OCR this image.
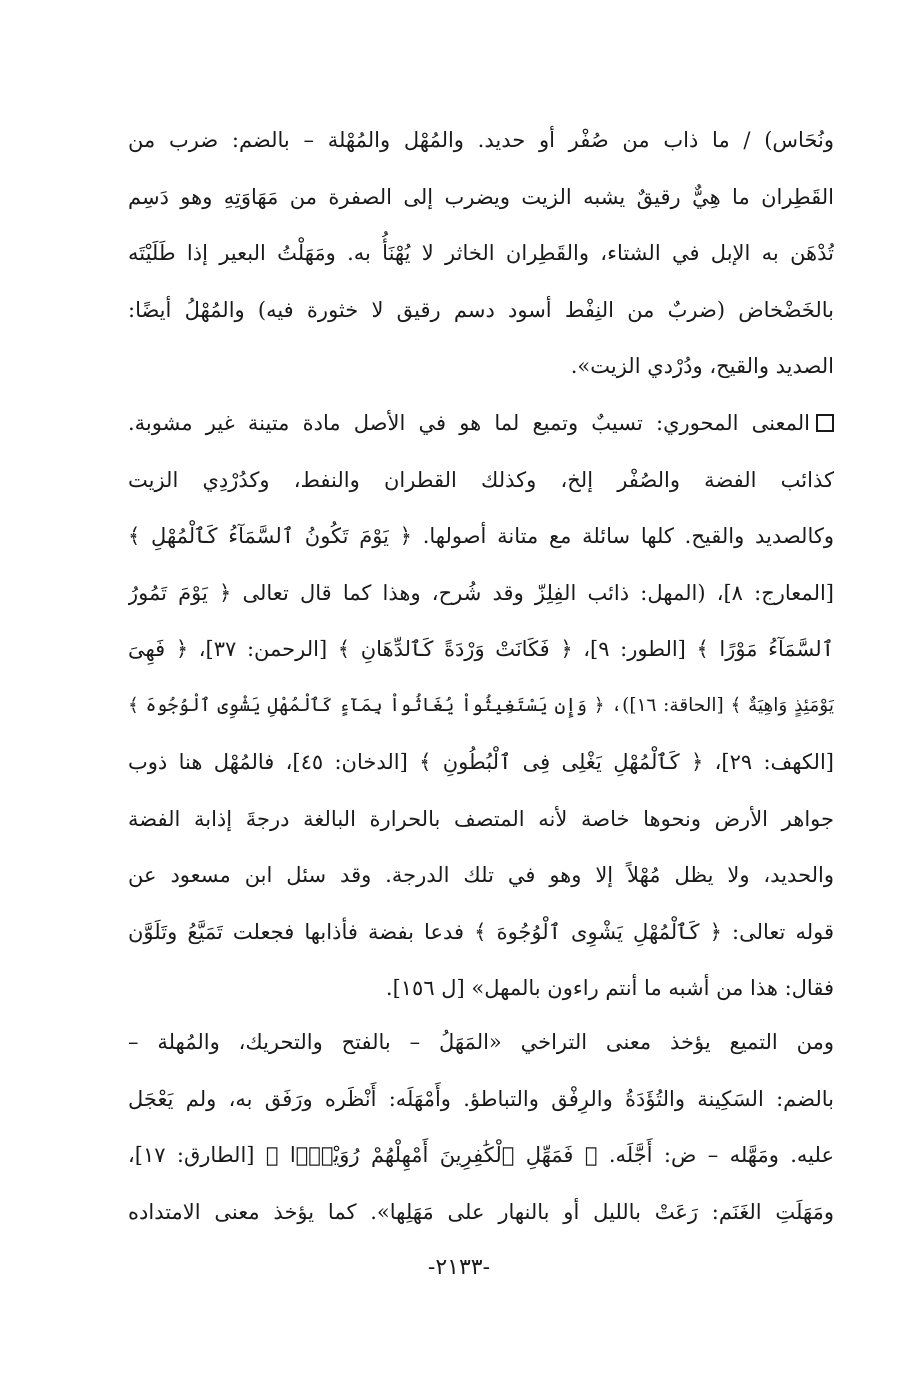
ونُحَاس) / ما ذاب من صُفْر أو حديد. والمُهْل والمُهْلة – بالضم: ضرب من
القَطِران ما هِيٌّ رقيقٌ يشبه الزيت ويضرب إلى الصفرة من مَهَاوَتِهِ وهو دَسِم
تُدْهَن به الإبل في الشتاء، والقَطِران الخاثر لا يُهْنَأُ به. ومَهَلْتُ البعير إذا طَلَيْتَه
بالخَضْخاض (ضربٌ من النِفْط أسود دسم رقيق لا خثورة فيه) والمُهْلُ أيضًا:
الصديد والقيح، ودُرْدي الزيت».
المعنى المحوري: تسيبٌ وتميع لما هو في الأصل مادة متينة غير مشوبة.
كذائب الفضة والصُفْر إلخ، وكذلك القطران والنفط، وكدُرْدِي الزيت
وكالصديد والقيح. كلها سائلة مع متانة أصولها. ﴿ يَوْمَ تَكُونُ ٱلسَّمَآءُ كَٱلْمُهْلِ ﴾
[المعارج: ٨]، (المهل: ذائب الفِلِزّ وقد شُرح، وهذا كما قال تعالى ﴿ يَوْمَ تَمُورُ
ٱلسَّمَآءُ مَوْرًا ﴾ [الطور: ٩]، ﴿ فَكَانَتْ وَرْدَةً كَٱلدِّهَانِ ﴾ [الرحمن: ٣٧]، ﴿ فَهِىَ
يَوْمَئِذٍ وَاهِيَةٌ ﴾ [الحاقة: ١٦])، ﴿ وَإِن يَسْتَغِيثُواْ يُغَاثُواْ بِمَآءٍ كَٱلْمُهْلِ يَشْوِى ٱلْوُجُوهَ ﴾
[الكهف: ٢٩]، ﴿ كَٱلْمُهْلِ يَغْلِى فِى ٱلْبُطُونِ ﴾ [الدخان: ٤٥]، فالمُهْل هنا ذوب
جواهر الأرض ونحوها خاصة لأنه المتصف بالحرارة البالغة درجةَ إذابة الفضة
والحديد، ولا يظل مُهْلاً إلا وهو في تلك الدرجة. وقد سئل ابن مسعود عن
قوله تعالى: ﴿ كَٱلْمُهْلِ يَشْوِى ٱلْوُجُوهَ ﴾ فدعا بفضة فأذابها فجعلت تَمَيَّعُ وتَلَوَّن
فقال: هذا من أشبه ما أنتم راءون بالمهل» [ل ١٥٦].
ومن التميع يؤخذ معنى التراخي «المَهَلُ – بالفتح والتحريك، والمُهلة –
بالضم: السَكِينة والتُؤَدَةُ والرِفْق والتباطؤ. وأَمْهَلَه: أَنْظَره ورَفَق به، ولم يَعْجَل
عليه. ومَهَّله – ض: أَجَّلَه. ﴿ فَمَهِّلِ ٱلْكَٰفِرِينَ أَمْهِلْهُمْ رُوَيْدًۢا ﴾ [الطارق: ١٧]،
ومَهَلَتِ الغَنَم: رَعَتْ بالليل أو بالنهار على مَهَلِها». كما يؤخذ معنى الامتداده
-٢١٣٣-
